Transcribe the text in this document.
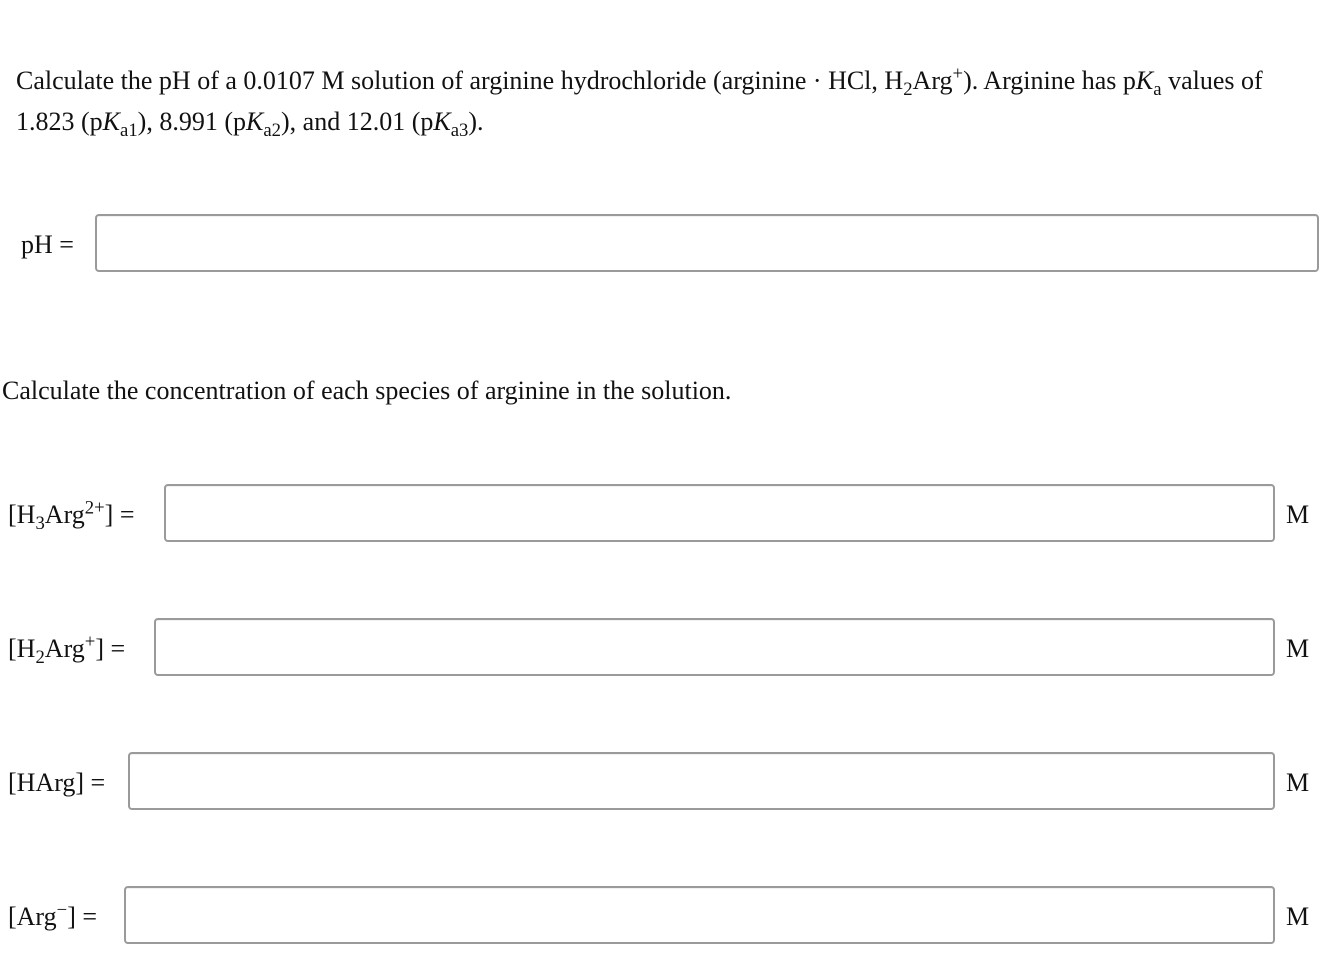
Calculate the pH of a 0.0107 M solution of arginine hydrochloride (arginine · HCl, $H_2Arg^+$). Arginine has $pK_a$ values of 1.823 $(pK_{a1})$, 8.991 $(pK_{a2})$, and 12.01 $(pK_{a3})$.
pH =
Calculate the concentration of each species of arginine in the solution.
$[H_3Arg^{2+}]$ =	M
$[H_2Arg^+]$ =	M
[HArg] =	M
[Arg−] =	M
